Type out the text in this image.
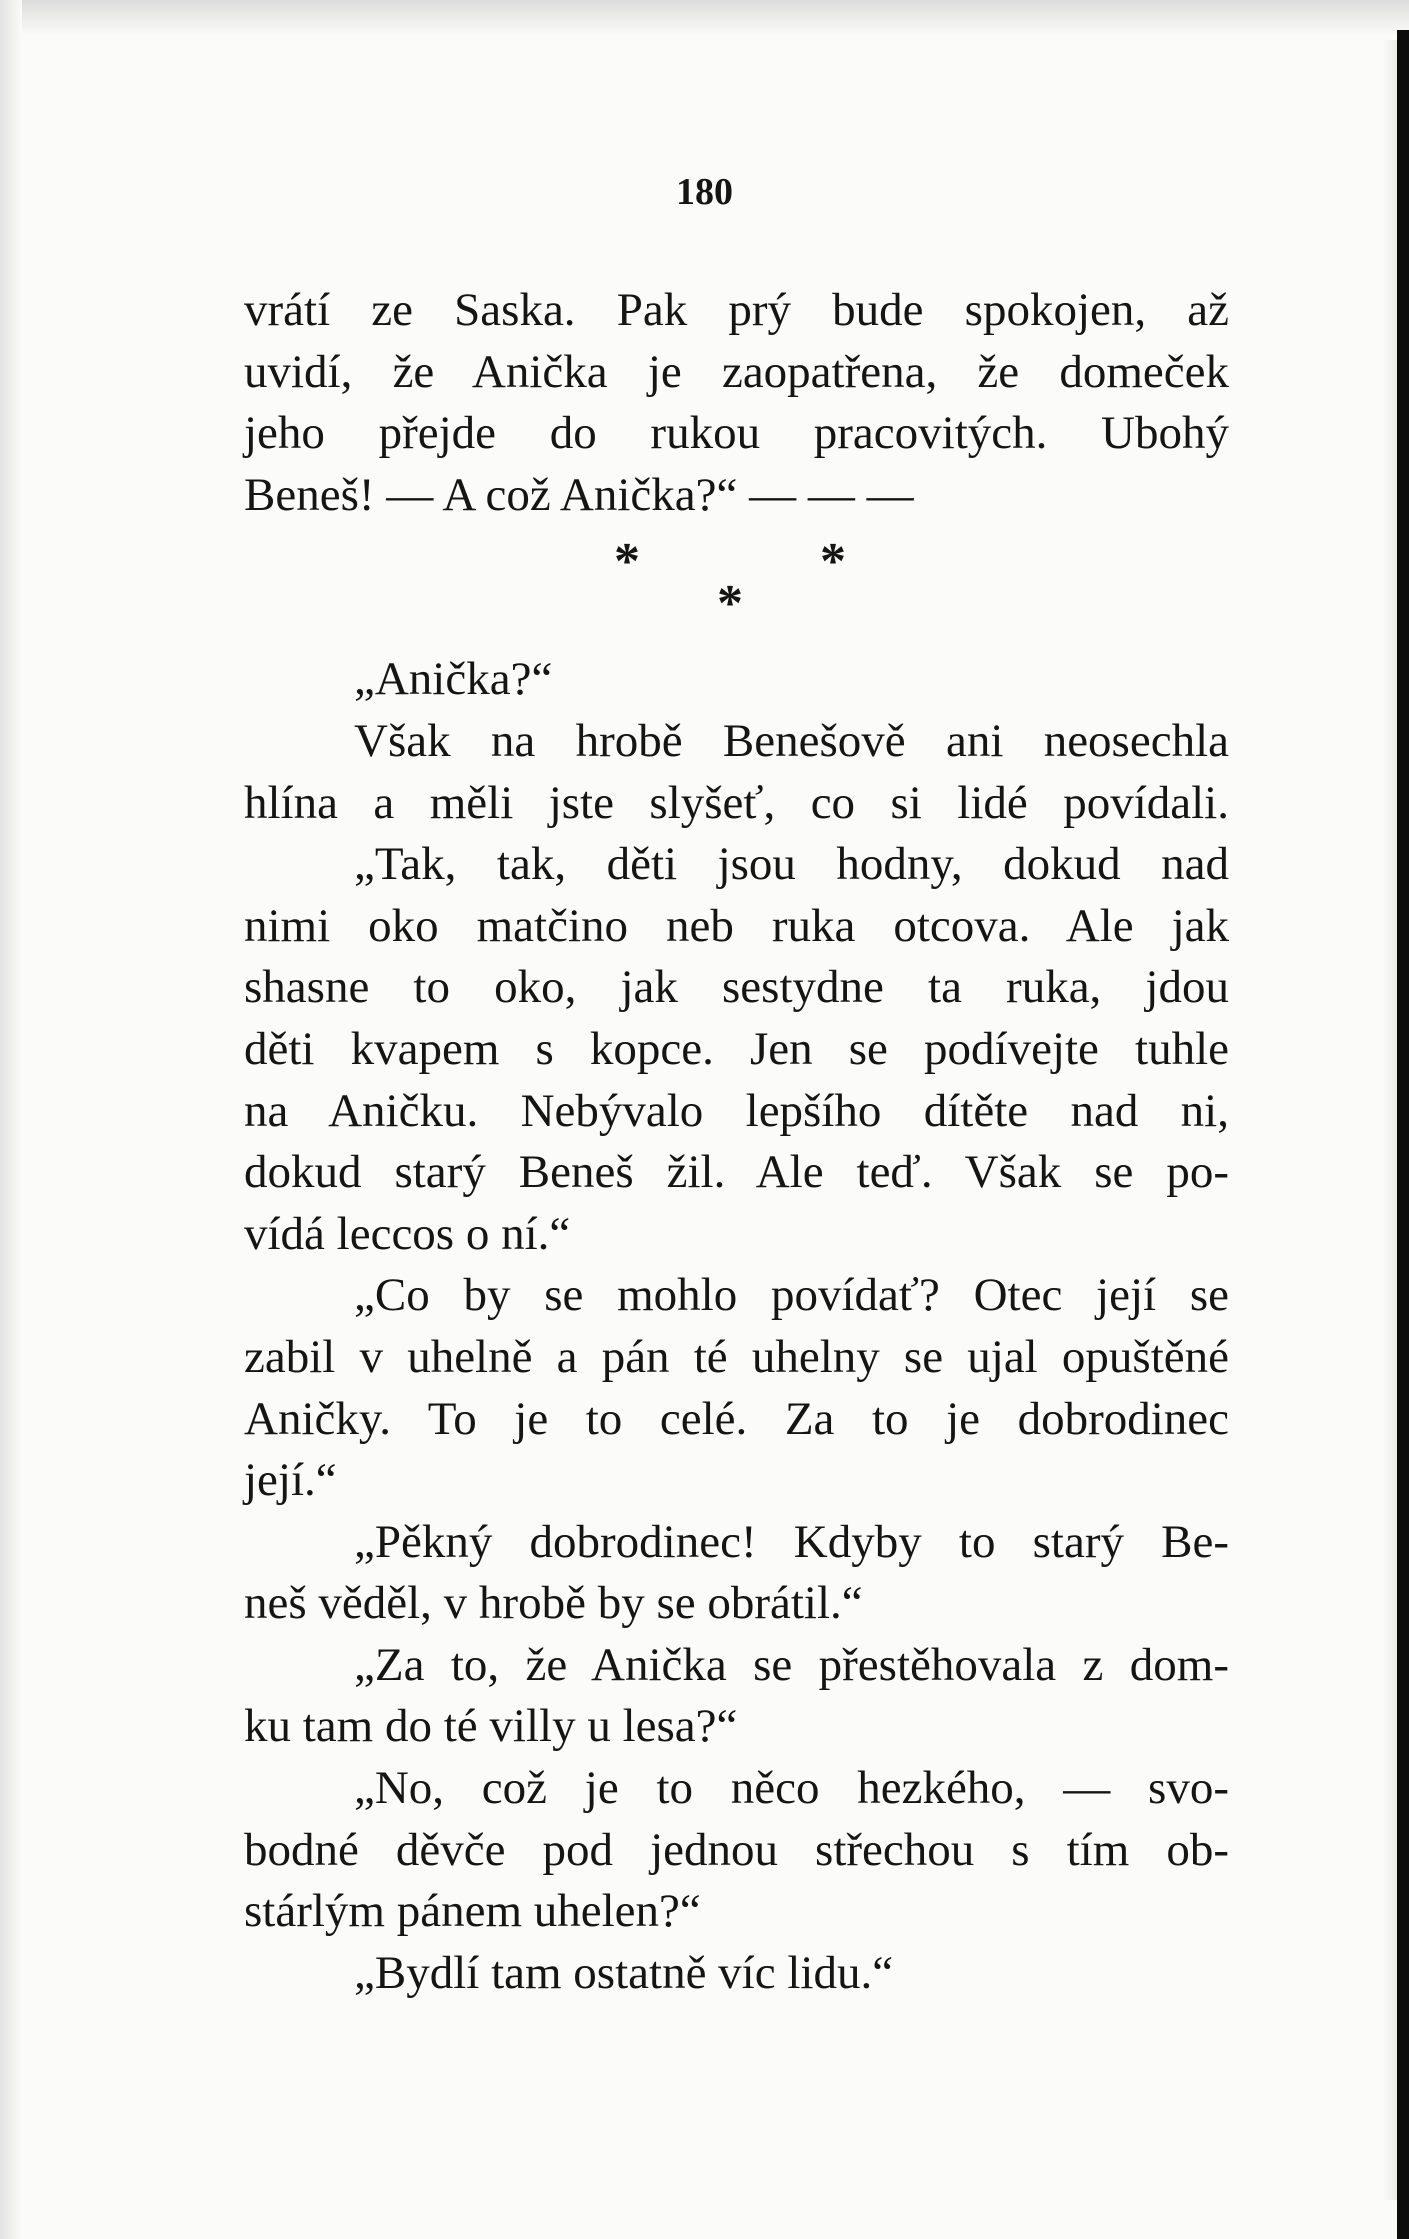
180
vrátí ze Saska. Pak prý bude spokojen, až
uvidí, že Anička je zaopatřena, že domeček
jeho přejde do rukou pracovitých. Ubohý
Beneš! — A což Anička?“ — — —
*	*
*
„Anička?“
Však na hrobě Benešově ani neosechla
hlína a měli jste slyšeť, co si lidé povídali.
„Tak, tak, děti jsou hodny, dokud nad
nimi oko matčino neb ruka otcova. Ale jak
shasne to oko, jak sestydne ta ruka, jdou
děti kvapem s kopce. Jen se podívejte tuhle
na Aničku. Nebývalo lepšího dítěte nad ni,
dokud starý Beneš žil. Ale teď. Však se po-
vídá leccos o ní.“
„Co by se mohlo povídať? Otec její se
zabil v uhelně a pán té uhelny se ujal opuštěné
Aničky. To je to celé. Za to je dobrodinec
její.“
„Pěkný dobrodinec! Kdyby to starý Be-
neš věděl, v hrobě by se obrátil.“
„Za to, že Anička se přestěhovala z dom-
ku tam do té villy u lesa?“
„No, což je to něco hezkého, — svo-
bodné děvče pod jednou střechou s tím ob-
stárlým pánem uhelen?“
„Bydlí tam ostatně víc lidu.“
